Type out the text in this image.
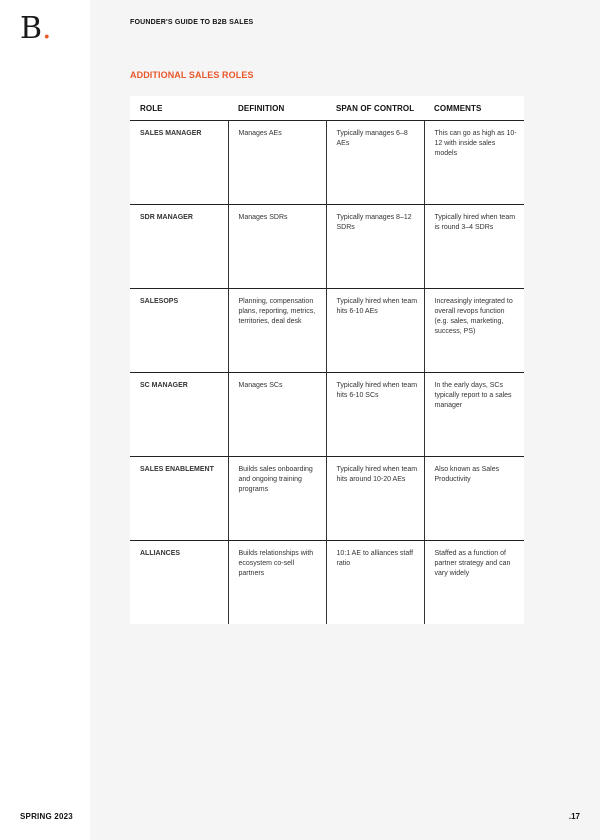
B.
SPRING 2023
FOUNDER'S GUIDE TO B2B SALES
ADDITIONAL SALES ROLES
ROLE	DEFINITION	SPAN OF CONTROL	COMMENTS
SALES MANAGER	Manages AEs	Typically manages 6–8 AEs	This can go as high as 10-12 with inside sales models
SDR MANAGER	Manages SDRs	Typically manages 8–12 SDRs	Typically hired when team is round 3–4 SDRs
SALESOPS	Planning, compensation plans, reporting, metrics, territories, deal desk	Typically hired when team hits 6-10 AEs	Increasingly integrated to overall revops function (e.g. sales, marketing, success, PS)
SC MANAGER	Manages SCs	Typically hired when team hits 6-10 SCs	In the early days, SCs typically report to a sales manager
SALES ENABLEMENT	Builds sales onboarding and ongoing training programs	Typically hired when team hits around 10-20 AEs	Also known as Sales Productivity
ALLIANCES	Builds relationships with ecosystem co-sell partners	10:1 AE to alliances staff ratio	Staffed as a function of partner strategy and can vary widely
.17
